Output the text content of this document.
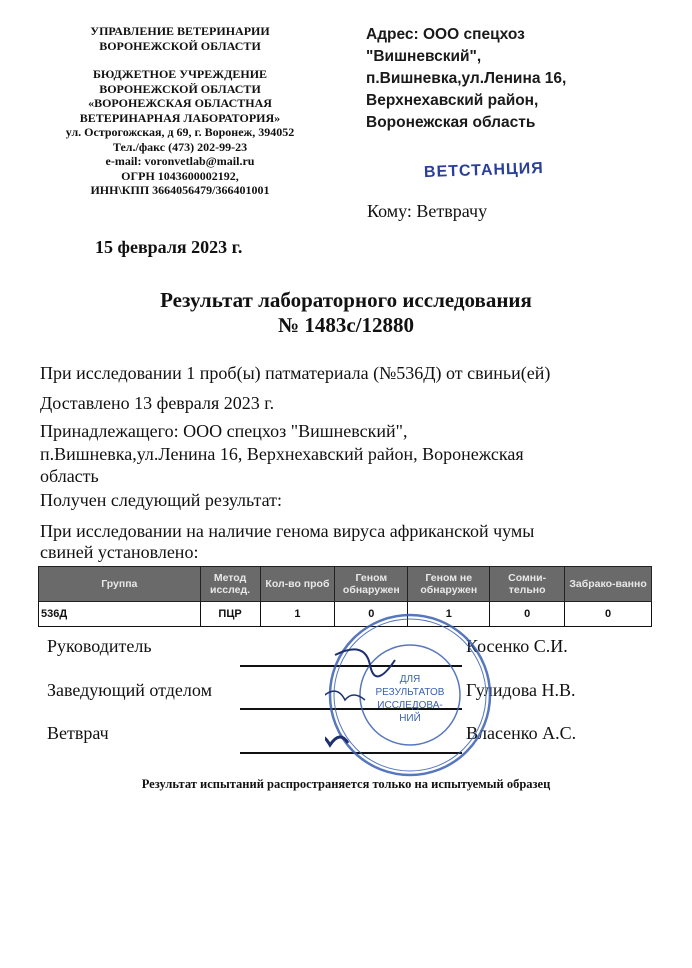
УПРАВЛЕНИЕ ВЕТЕРИНАРИИ
ВОРОНЕЖСКОЙ ОБЛАСТИ
БЮДЖЕТНОЕ УЧРЕЖДЕНИЕ
ВОРОНЕЖСКОЙ ОБЛАСТИ
«ВОРОНЕЖСКАЯ ОБЛАСТНАЯ
ВЕТЕРИНАРНАЯ ЛАБОРАТОРИЯ»
ул. Острогожская, д 69, г. Воронеж, 394052
Тел./факс (473) 202-99-23
e-mail: voronvetlab@mail.ru
ОГРН 1043600002192,
ИНН\КПП 3664056479/366401001
Адрес: ООО спецхоз
"Вишневский",
п.Вишневка,ул.Ленина 16,
Верхнехавский район,
Воронежская область
ВЕТСТАНЦИЯ
Кому: Ветврачу
15 февраля 2023 г.
Результат лабораторного исследования
№ 1483с/12880
При исследовании 1 проб(ы) патматериала (№536Д) от свиньи(ей)
Доставлено 13 февраля 2023 г.
Принадлежащего: ООО спецхоз "Вишневский",
п.Вишневка,ул.Ленина 16, Верхнехавский район, Воронежская
область
Получен следующий результат:
При исследовании на наличие генома вируса африканской чумы
свиней установлено:
Группа	Метод исслед.	Кол-во проб	Геном обнаружен	Геном не обнаружен	Сомни-тельно	Забрако-ванно
536Д	ПЦР	1	0	1	0	0
Руководитель	Косенко С.И.
Заведующий отделом	Гулидова Н.В.
Ветврач	Власенко А.С.
ДЛЯ
РЕЗУЛЬТАТОВ
ИССЛЕДОВА-
НИЙ
Результат испытаний распространяется только на испытуемый образец
